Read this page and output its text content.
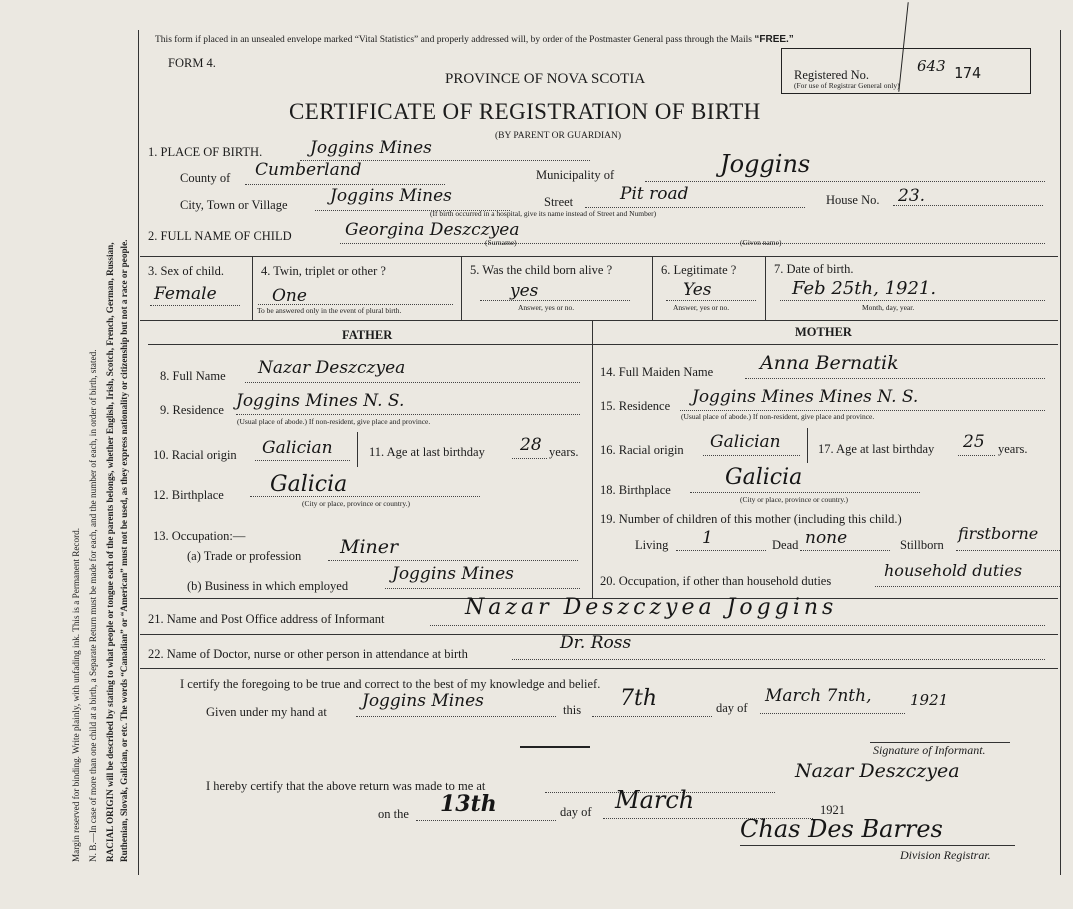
Margin reserved for binding. Write plainly, with unfading ink. This is a Permanent Record. N. B.—In case of more than one child at a birth, a Separate Return must be made for each, and the number of each, in order of birth, stated. RACIAL ORIGIN will be described by stating to what people or tongue each of the parents belongs, whether English, Irish, Scotch, French, German, Russian, Ruthenian, Slovak, Galician, or etc. The words “Canadian” or “American” must not be used, as they express nationality or citizenship but not a race or people.
This form if placed in an unsealed envelope marked “Vital Statistics” and properly addressed will, by order of the Postmaster General pass through the Mails “FREE.”
FORM 4.
PROVINCE OF NOVA SCOTIA
CERTIFICATE OF REGISTRATION OF BIRTH
(BY PARENT OR GUARDIAN)
Registered No.
(For use of Registrar General only)
643 174
1. PLACE OF BIRTH.	Joggins Mines
County of Cumberland	Municipality of	Joggins
City, Town or Village Joggins Mines	Street	Pit road	House No. 23.
(If birth occurred in a hospital, give its name instead of Street and Number)
2. FULL NAME OF CHILD	Georgina Deszczyea
(Surname)	(Given name)
3. Sex of child.
Female
4. Twin, triplet or other ?
One
To be answered only in the event of plural birth.
5. Was the child born alive ?
yes
Answer, yes or no.
6. Legitimate ?
Yes
Answer, yes or no.
7. Date of birth.
Feb 25th, 1921.
Month, day, year.
FATHER	MOTHER
8. Full Name Nazar Deszczyea
9. Residence Joggins Mines N. S.
(Usual place of abode.) If non-resident, give place and province.
10. Racial origin Galician	11. Age at last birthday 28 years.
12. Birthplace Galicia
(City or place, province or country.)
13. Occupation:—
(a) Trade or profession Miner
(b) Business in which employed
Joggins Mines
14. Full Maiden Name Anna Bernatik
15. Residence Joggins Mines Mines N. S.
(Usual place of abode.) If non-resident, give place and province.
16. Racial origin Galician	17. Age at last birthday 25 years.
18. Birthplace Galicia
(City or place, province or country.)
19. Number of children of this mother (including this child.)
Living 1	Dead none	Stillborn
firstborne
20. Occupation, if other than household duties
household duties
21. Name and Post Office address of Informant	Nazar Deszczyea Joggins
22. Name of Doctor, nurse or other person in attendance at birth
Dr. Ross
I certify the foregoing to be true and correct to the best of my knowledge and belief.
Given under my hand at
Joggins Mines	this 7th	day of
March 7nth,	1921
Signature of Informant.
I hereby certify that the above return was made to me at
Nazar Deszczyea
on the 13th	day of March	1921
Chas Des Barres
Division Registrar.
